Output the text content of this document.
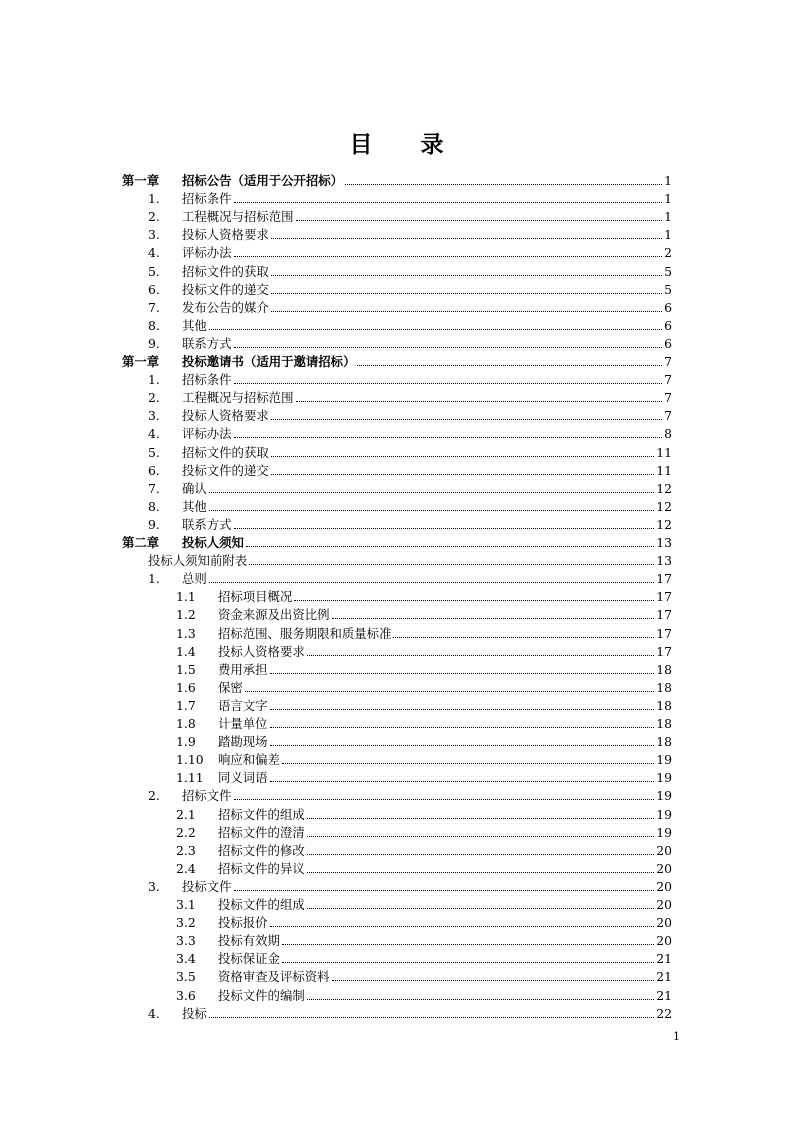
目 录
第一章	招标公告（适用于公开招标）	1
1.	招标条件	1
2.	工程概况与招标范围	1
3.	投标人资格要求	1
4.	评标办法	2
5.	招标文件的获取	5
6.	投标文件的递交	5
7.	发布公告的媒介	6
8.	其他	6
9.	联系方式	6
第一章	投标邀请书（适用于邀请招标）	7
1.	招标条件	7
2.	工程概况与招标范围	7
3.	投标人资格要求	7
4.	评标办法	8
5.	招标文件的获取	11
6.	投标文件的递交	11
7.	确认	12
8.	其他	12
9.	联系方式	12
第二章	投标人须知	13
投标人须知前附表	13
1.	总则	17
1.1	招标项目概况	17
1.2	资金来源及出资比例	17
1.3	招标范围、服务期限和质量标准	17
1.4	投标人资格要求	17
1.5	费用承担	18
1.6	保密	18
1.7	语言文字	18
1.8	计量单位	18
1.9	踏勘现场	18
1.10	响应和偏差	19
1.11	同义词语	19
2.	招标文件	19
2.1	招标文件的组成	19
2.2	招标文件的澄清	19
2.3	招标文件的修改	20
2.4	招标文件的异议	20
3.	投标文件	20
3.1	投标文件的组成	20
3.2	投标报价	20
3.3	投标有效期	20
3.4	投标保证金	21
3.5	资格审查及评标资料	21
3.6	投标文件的编制	21
4.	投标	22
1
